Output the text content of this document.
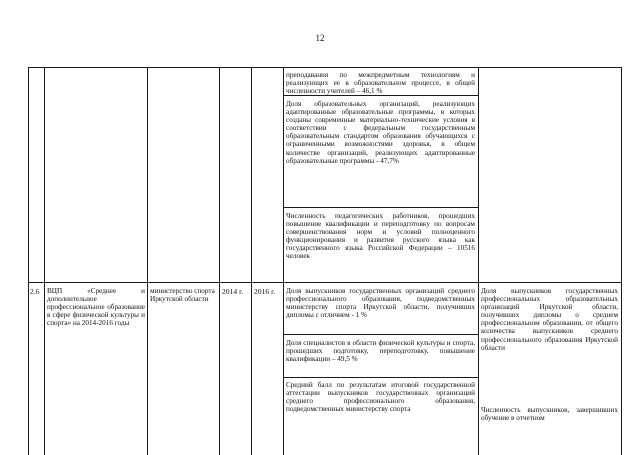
12

преподавания по межпредметным технологиям и реализующих ее в образовательном процессе, в общей численности учителей – 46,1 %

Доля образовательных организаций, реализующих адаптированные образовательные программы, в которых созданы современные материально-технические условия в соответствии с федеральным государственным образовательным стандартом образования обучающихся с ограниченными возможностями здоровья, в общем количестве организаций, реализующих адаптированные образовательные программы - 47,7%

Численность педагогических работников, прошедших повышение квалификации и переподготовку по вопросам совершенствования норм и условий полноценного функционирования и развития русского языка как государственного языка Российской Федерации – 10516 человек

2.6 ВЦП «Среднее и дополнительное профессиональное образование в сфере физической культуры и спорта» на 2014-2016 годы

министерство спорта Иркутской области

2014 г. 2016 г. Доля выпускников государственных организаций среднего профессионального образования, подведомственных министерству спорта Иркутской области, получивших дипломы с отличием - 1 %

Доля специалистов в области физической культуры и спорта, прошедших подготовку, переподготовку, повышение квалификации – 49,5 %

Средний балл по результатам итоговой государственной аттестации выпускников государственных организаций среднего профессионального образования, подведомственных министерству спорта

Доля выпускников государственных профессиональных образовательных организаций Иркутской области, получивших дипломы о среднем профессиональном образовании, от общего количества выпускников среднего профессионального образования Иркутской области

Численность выпускников, завершивших обучение в отчетном
